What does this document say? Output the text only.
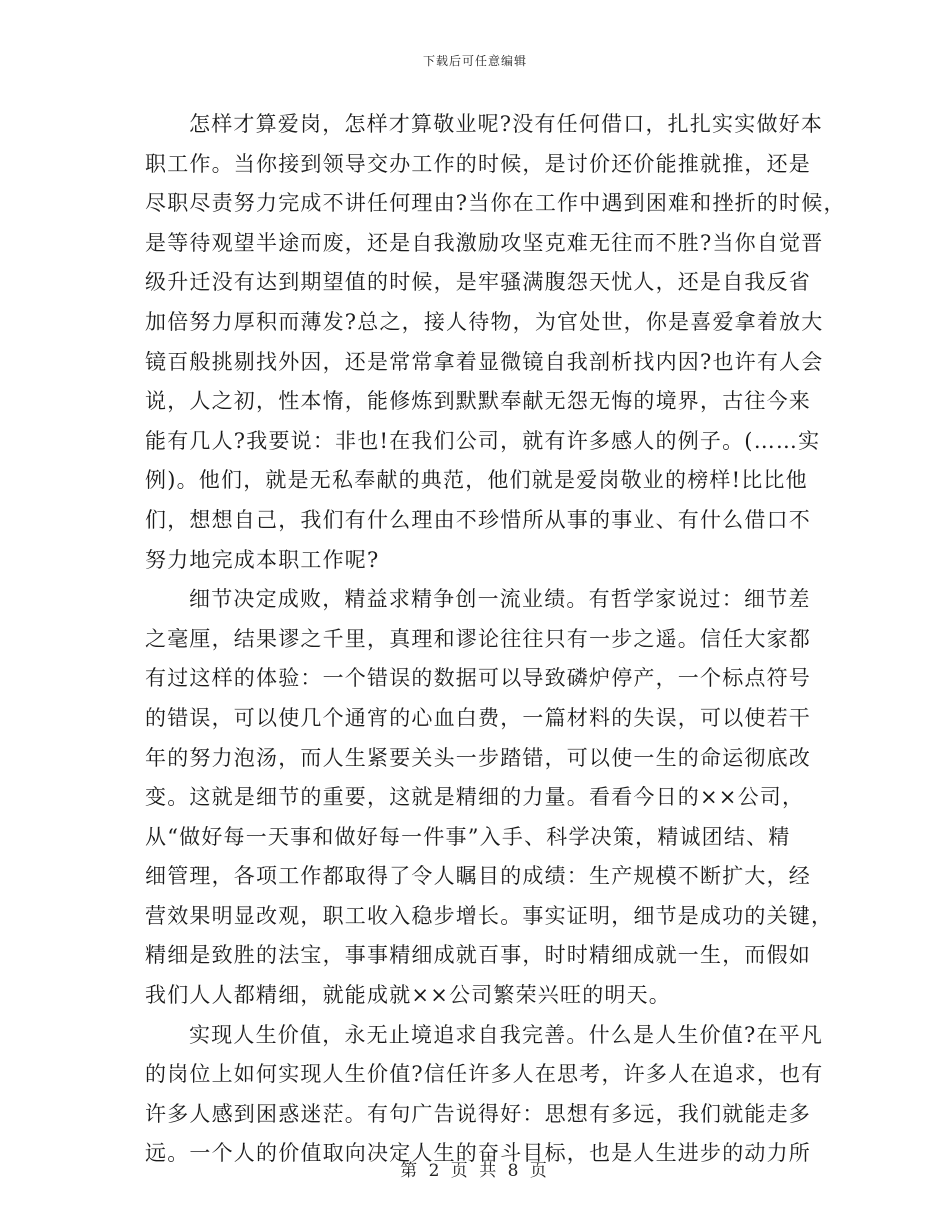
下载后可任意编辑
怎样才算爱岗，怎样才算敬业呢?没有任何借口，扎扎实实做好本
职工作。当你接到领导交办工作的时候，是讨价还价能推就推，还是
尽职尽责努力完成不讲任何理由?当你在工作中遇到困难和挫折的时候，
是等待观望半途而废，还是自我激励攻坚克难无往而不胜?当你自觉晋
级升迁没有达到期望值的时候，是牢骚满腹怨天忧人，还是自我反省
加倍努力厚积而薄发?总之，接人待物，为官处世，你是喜爱拿着放大
镜百般挑剔找外因，还是常常拿着显微镜自我剖析找内因?也许有人会
说，人之初，性本惰，能修炼到默默奉献无怨无悔的境界，古往今来
能有几人?我要说：非也!在我们公司，就有许多感人的例子。(……实
例)。他们，就是无私奉献的典范，他们就是爱岗敬业的榜样!比比他
们，想想自己，我们有什么理由不珍惜所从事的事业、有什么借口不
努力地完成本职工作呢?
细节决定成败，精益求精争创一流业绩。有哲学家说过：细节差
之毫厘，结果谬之千里，真理和谬论往往只有一步之遥。信任大家都
有过这样的体验：一个错误的数据可以导致磷炉停产，一个标点符号
的错误，可以使几个通宵的心血白费，一篇材料的失误，可以使若干
年的努力泡汤，而人生紧要关头一步踏错，可以使一生的命运彻底改
变。这就是细节的重要，这就是精细的力量。看看今日的××公司，
从“做好每一天事和做好每一件事”入手、科学决策，精诚团结、精
细管理，各项工作都取得了令人瞩目的成绩：生产规模不断扩大，经
营效果明显改观，职工收入稳步增长。事实证明，细节是成功的关键，
精细是致胜的法宝，事事精细成就百事，时时精细成就一生，而假如
我们人人都精细，就能成就××公司繁荣兴旺的明天。
实现人生价值，永无止境追求自我完善。什么是人生价值?在平凡
的岗位上如何实现人生价值?信任许多人在思考，许多人在追求，也有
许多人感到困惑迷茫。有句广告说得好：思想有多远，我们就能走多
远。一个人的价值取向决定人生的奋斗目标，也是人生进步的动力所
第 2 页 共 8 页
